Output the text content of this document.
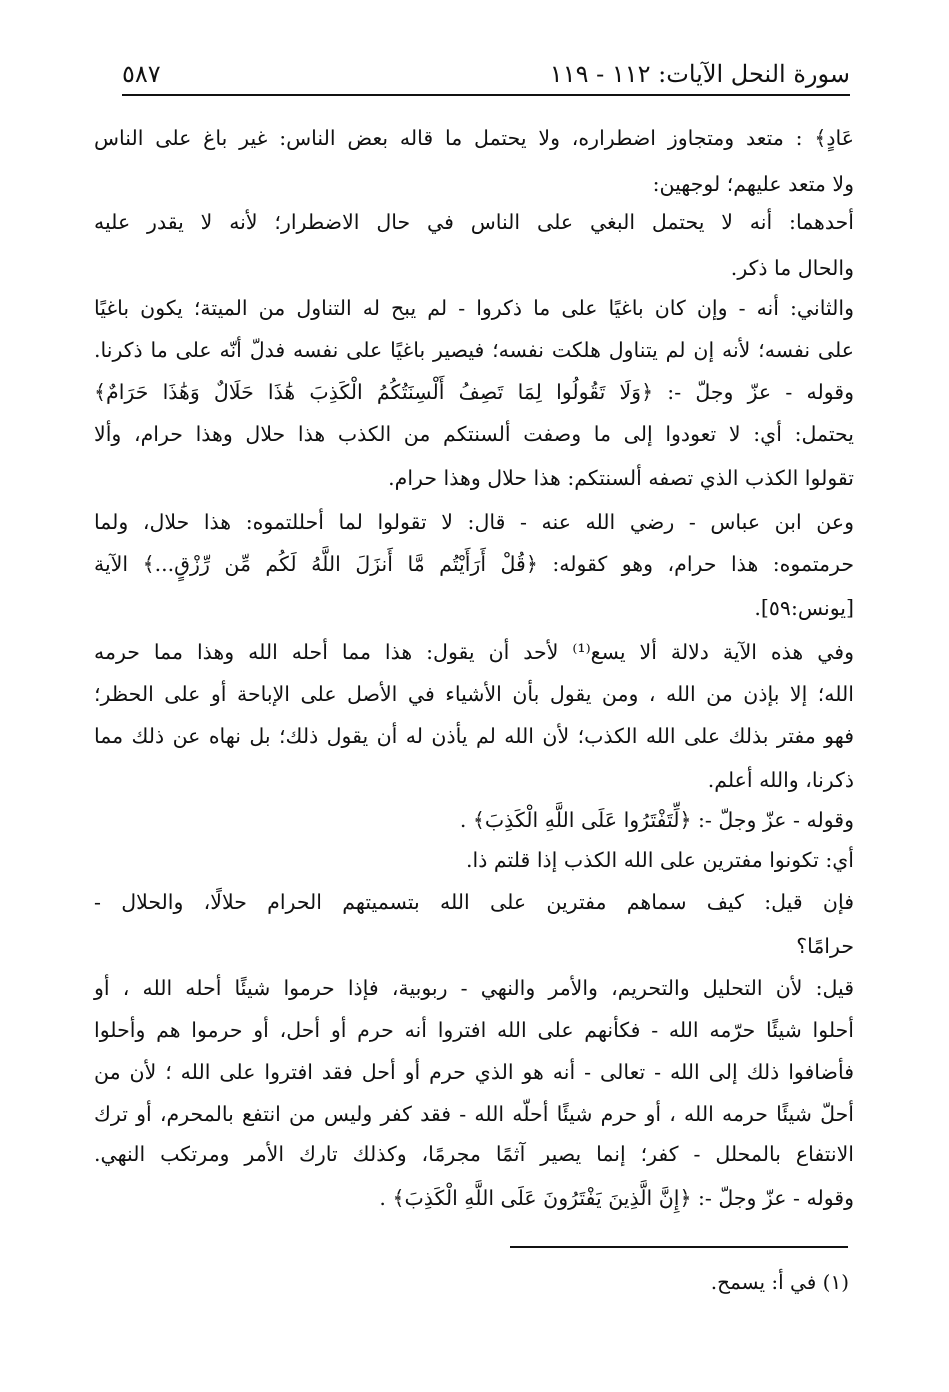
سورة النحل الآيات: ١١٢ - ١١٩
٥٨٧
عَادٍ﴾ : متعد ومتجاوز اضطراره، ولا يحتمل ما قاله بعض الناس: غير باغ على الناس
ولا متعد عليهم؛ لوجهين:
أحدهما: أنه لا يحتمل البغي على الناس في حال الاضطرار؛ لأنه لا يقدر عليه
والحال ما ذكر.
والثاني: أنه - وإن كان باغيًا على ما ذكروا - لم يبح له التناول من الميتة؛ يكون باغيًا
على نفسه؛ لأنه إن لم يتناول هلكت نفسه؛ فيصير باغيًا على نفسه فدلّ أنّه على ما ذكرنا.
وقوله - عزّ وجلّ -: ﴿وَلَا تَقُولُوا لِمَا تَصِفُ أَلْسِنَتُكُمُ الْكَذِبَ هَٰذَا حَلَالٌ وَهَٰذَا حَرَامٌ﴾
يحتمل: أي: لا تعودوا إلى ما وصفت ألسنتكم من الكذب هذا حلال وهذا حرام، وألا
تقولوا الكذب الذي تصفه ألسنتكم: هذا حلال وهذا حرام.
وعن ابن عباس - رضي الله عنه - قال: لا تقولوا لما أحللتموه: هذا حلال، ولما
حرمتموه: هذا حرام، وهو كقوله: ﴿قُلْ أَرَأَيْتُم مَّا أَنزَلَ اللَّهُ لَكُم مِّن رِّزْقٍ...﴾ الآية
[يونس:٥٩].
وفي هذه الآية دلالة ألا يسع⁽¹⁾ لأحد أن يقول: هذا مما أحله الله وهذا مما حرمه
الله؛ إلا بإذن من الله ، ومن يقول بأن الأشياء في الأصل على الإباحة أو على الحظر؛
فهو مفتر بذلك على الله الكذب؛ لأن الله لم يأذن له أن يقول ذلك؛ بل نهاه عن ذلك مما
ذكرنا، والله أعلم.
وقوله - عزّ وجلّ -: ﴿لِّتَفْتَرُوا عَلَى اللَّهِ الْكَذِبَ﴾ .
أي: تكونوا مفترين على الله الكذب إذا قلتم ذا.
فإن قيل: كيف سماهم مفترين على الله بتسميتهم الحرام حلالًا، والحلال -
حرامًا؟
قيل: لأن التحليل والتحريم، والأمر والنهي - ربوبية، فإذا حرموا شيئًا أحله الله ، أو
أحلوا شيئًا حرّمه الله - فكأنهم على الله افتروا أنه حرم أو أحل، أو حرموا هم وأحلوا
فأضافوا ذلك إلى الله - تعالى - أنه هو الذي حرم أو أحل فقد افتروا على الله ؛ لأن من
أحلّ شيئًا حرمه الله ، أو حرم شيئًا أحلّه الله - فقد كفر وليس من انتفع بالمحرم، أو ترك
الانتفاع بالمحلل - كفر؛ إنما يصير آثمًا مجرمًا، وكذلك تارك الأمر ومرتكب النهي.
وقوله - عزّ وجلّ -: ﴿إِنَّ الَّذِينَ يَفْتَرُونَ عَلَى اللَّهِ الْكَذِبَ﴾ .
(١) في أ: يسمح.
